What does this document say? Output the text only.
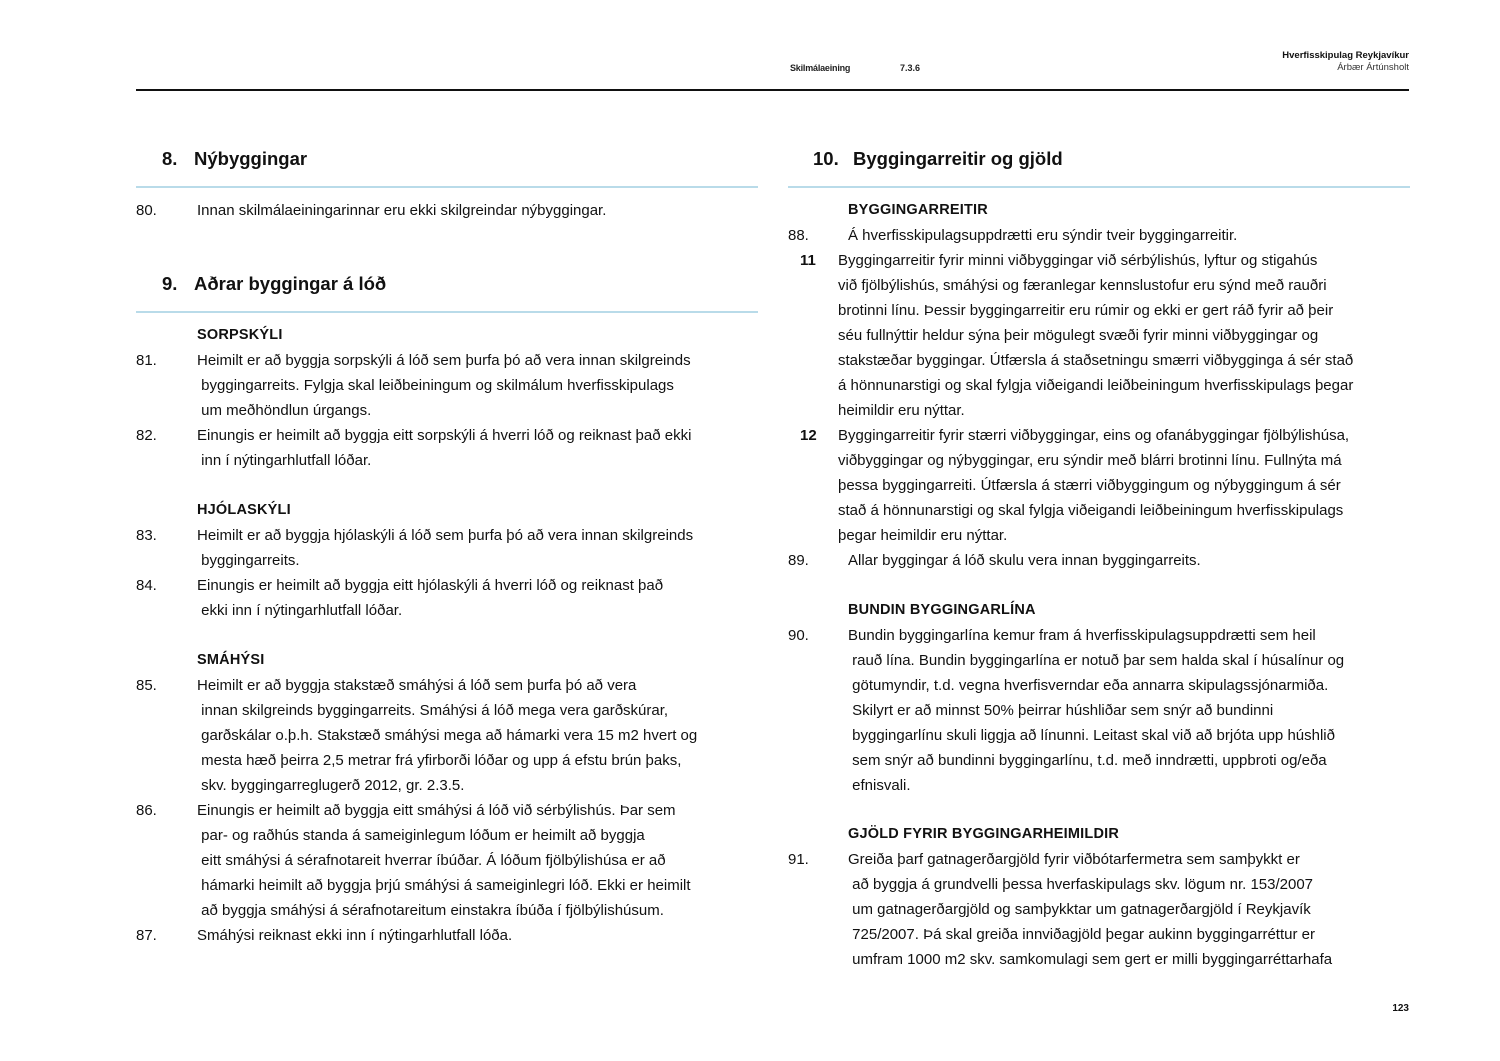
Skilmálaeining	7.3.6
Hverfisskipulag Reykjavíkur
Árbær Ártúnsholt
8. Nýbyggingar
80.	Innan skilmálaeiningarinnar eru ekki skilgreindar nýbyggingar.
9. Aðrar byggingar á lóð
SORPSKÝLI
81.	Heimilt er að byggja sorpskýli á lóð sem þurfa þó að vera innan skilgreinds
byggingarreits. Fylgja skal leiðbeiningum og skilmálum hverfisskipulags
um meðhöndlun úrgangs.
82.	Einungis er heimilt að byggja eitt sorpskýli á hverri lóð og reiknast það ekki
inn í nýtingarhlutfall lóðar.
HJÓLASKÝLI
83.	Heimilt er að byggja hjólaskýli á lóð sem þurfa þó að vera innan skilgreinds
byggingarreits.
84.	Einungis er heimilt að byggja eitt hjólaskýli á hverri lóð og reiknast það
ekki inn í nýtingarhlutfall lóðar.
SMÁHÝSI
85.	Heimilt er að byggja stakstæð smáhýsi á lóð sem þurfa þó að vera
innan skilgreinds byggingarreits. Smáhýsi á lóð mega vera garðskúrar,
garðskálar o.þ.h. Stakstæð smáhýsi mega að hámarki vera 15 m2 hvert og
mesta hæð þeirra 2,5 metrar frá yfirborði lóðar og upp á efstu brún þaks,
skv. byggingarreglugerð 2012, gr. 2.3.5.
86.	Einungis er heimilt að byggja eitt smáhýsi á lóð við sérbýlishús. Þar sem
par- og raðhús standa á sameiginlegum lóðum er heimilt að byggja
eitt smáhýsi á sérafnotareit hverrar íbúðar. Á lóðum fjölbýlishúsa er að
hámarki heimilt að byggja þrjú smáhýsi á sameiginlegri lóð. Ekki er heimilt
að byggja smáhýsi á sérafnotareitum einstakra íbúða í fjölbýlishúsum.
87.	Smáhýsi reiknast ekki inn í nýtingarhlutfall lóða.
10. Byggingarreitir og gjöld
BYGGINGARREITIR
88.	Á hverfisskipulagsuppdrætti eru sýndir tveir byggingarreitir.
11 Byggingarreitir fyrir minni viðbyggingar við sérbýlishús, lyftur og stigahús
við fjölbýlishús, smáhýsi og færanlegar kennslustofur eru sýnd með rauðri
brotinni línu. Þessir byggingarreitir eru rúmir og ekki er gert ráð fyrir að þeir
séu fullnýttir heldur sýna þeir mögulegt svæði fyrir minni viðbyggingar og
stakstæðar byggingar. Útfærsla á staðsetningu smærri viðbygginga á sér stað
á hönnunarstigi og skal fylgja viðeigandi leiðbeiningum hverfisskipulags þegar
heimildir eru nýttar.
12 Byggingarreitir fyrir stærri viðbyggingar, eins og ofanábyggingar fjölbýlishúsa,
viðbyggingar og nýbyggingar, eru sýndir með blárri brotinni línu. Fullnýta má
þessa byggingarreiti. Útfærsla á stærri viðbyggingum og nýbyggingum á sér
stað á hönnunarstigi og skal fylgja viðeigandi leiðbeiningum hverfisskipulags
þegar heimildir eru nýttar.
89.	Allar byggingar á lóð skulu vera innan byggingarreits.
BUNDIN BYGGINGARLÍNA
90.	Bundin byggingarlína kemur fram á hverfisskipulagsuppdrætti sem heil
rauð lína. Bundin byggingarlína er notuð þar sem halda skal í húsalínur og
götumyndir, t.d. vegna hverfisverndar eða annarra skipulagssjónarmiða.
Skilyrt er að minnst 50% þeirrar húshliðar sem snýr að bundinni
byggingarlínu skuli liggja að línunni. Leitast skal við að brjóta upp húshlið
sem snýr að bundinni byggingarlínu, t.d. með inndrætti, uppbroti og/eða
efnisvali.
GJÖLD FYRIR BYGGINGARHEIMILDIR
91.	Greiða þarf gatnagerðargjöld fyrir viðbótarfermetra sem samþykkt er
að byggja á grundvelli þessa hverfaskipulags skv. lögum nr. 153/2007
um gatnagerðargjöld og samþykktar um gatnagerðargjöld í Reykjavík
725/2007. Þá skal greiða innviðagjöld þegar aukinn byggingarréttur er
umfram 1000 m2 skv. samkomulagi sem gert er milli byggingarréttarhafa
123
